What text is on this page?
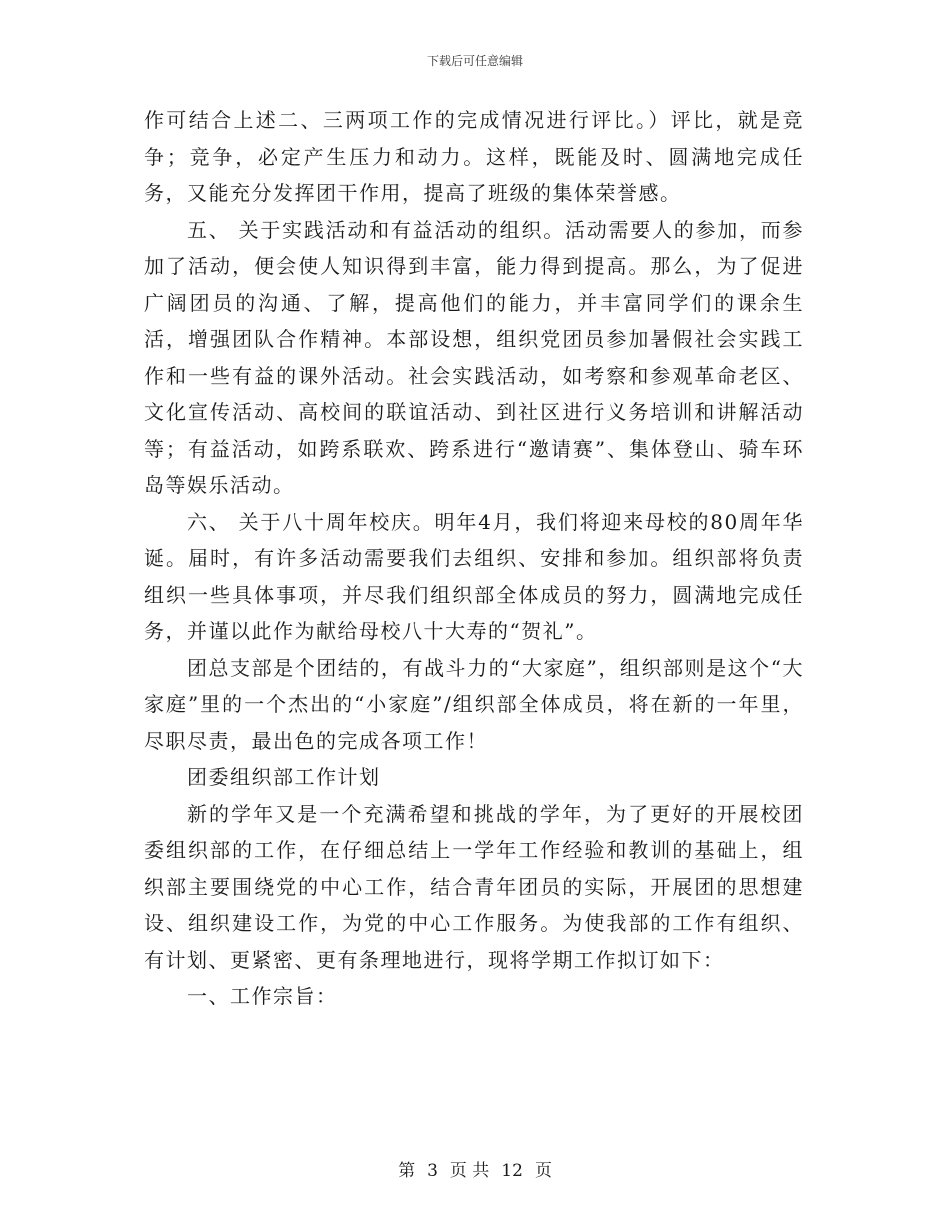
下载后可任意编辑

作可结合上述二、三两项工作的完成情况进行评比。）评比，就是竞争；竞争，必定产生压力和动力。这样，既能及时、圆满地完成任务，又能充分发挥团干作用，提高了班级的集体荣誉感。

五、 关于实践活动和有益活动的组织。活动需要人的参加，而参加了活动，便会使人知识得到丰富，能力得到提高。那么，为了促进广阔团员的沟通、了解，提高他们的能力，并丰富同学们的课余生活，增强团队合作精神。本部设想，组织党团员参加暑假社会实践工作和一些有益的课外活动。社会实践活动，如考察和参观革命老区、文化宣传活动、高校间的联谊活动、到社区进行义务培训和讲解活动等；有益活动，如跨系联欢、跨系进行“邀请赛”、集体登山、骑车环岛等娱乐活动。

六、 关于八十周年校庆。明年4月，我们将迎来母校的80周年华诞。届时，有许多活动需要我们去组织、安排和参加。组织部将负责组织一些具体事项，并尽我们组织部全体成员的努力，圆满地完成任务，并谨以此作为献给母校八十大寿的“贺礼”。

团总支部是个团结的，有战斗力的“大家庭”，组织部则是这个“大家庭”里的一个杰出的“小家庭”/组织部全体成员，将在新的一年里，尽职尽责，最出色的完成各项工作！

团委组织部工作计划

新的学年又是一个充满希望和挑战的学年，为了更好的开展校团委组织部的工作，在仔细总结上一学年工作经验和教训的基础上，组织部主要围绕党的中心工作，结合青年团员的实际，开展团的思想建设、组织建设工作，为党的中心工作服务。为使我部的工作有组织、有计划、更紧密、更有条理地进行，现将学期工作拟订如下：

一、工作宗旨：

第 3 页 共 12 页
